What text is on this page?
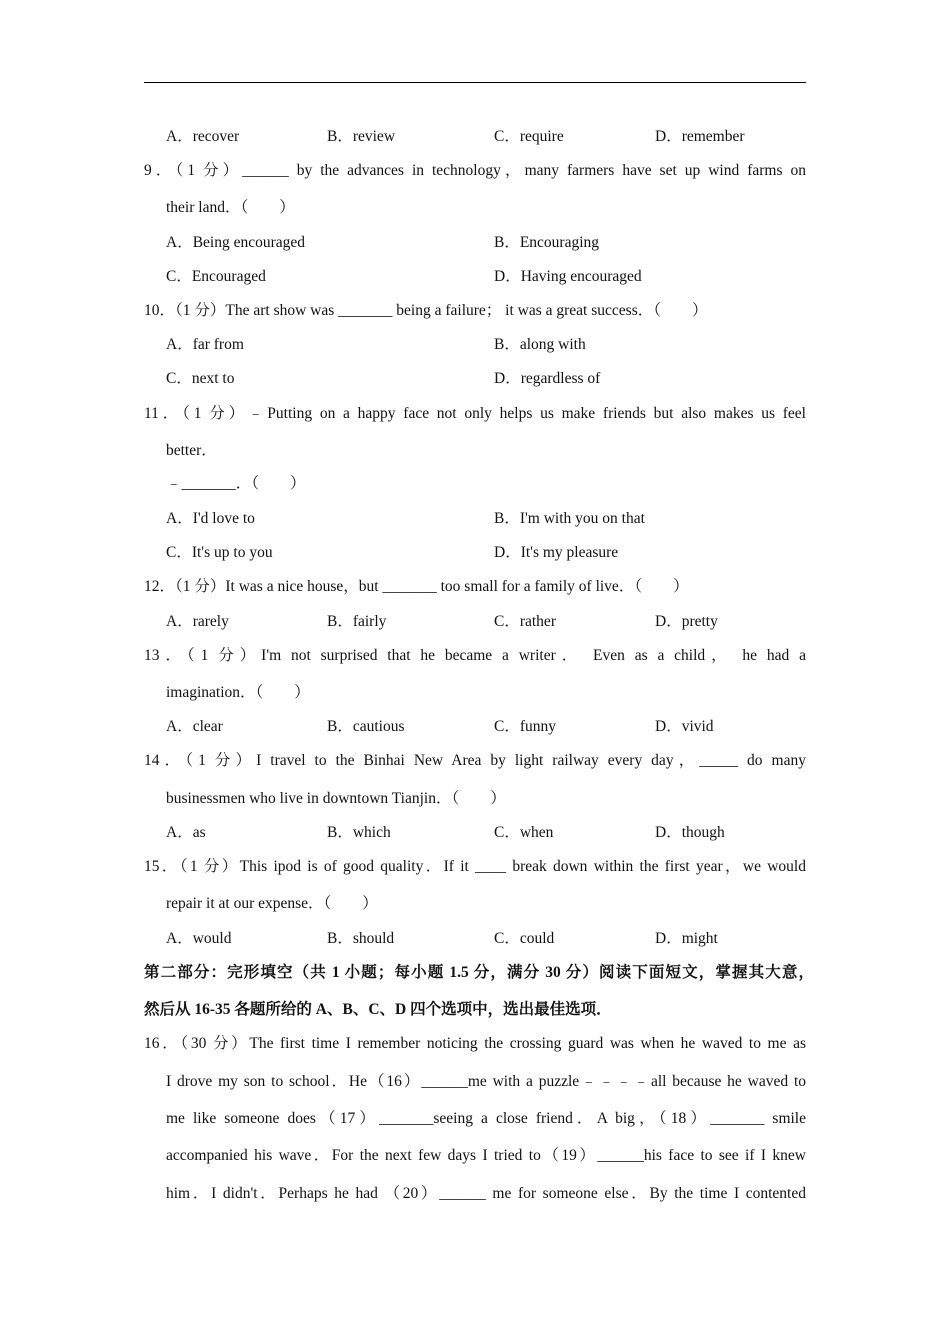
A．recover	B．review	C．require	D．remember
9．（1 分）______ by the advances in technology，many farmers have set up wind farms on
their land．（　　）
A．Being encouraged	B．Encouraging
C．Encouraged	D．Having encouraged
10．（1 分）The art show was _______ being a failure； it was a great success．（　　）
A．far from	B．along with
C．next to	D．regardless of
11．（1 分）﹣Putting on a happy face not only helps us make friends but also makes us feel
better．
﹣_______．（　　）
A．I'd love to	B．I'm with you on that
C．It's up to you	D．It's my pleasure
12．（1 分）It was a nice house，but _______ too small for a family of live．（　　）
A．rarely	B．fairly	C．rather	D．pretty
13．（1 分）I'm not surprised that he became a writer． Even as a child， he had a
imagination．（　　）
A．clear	B．cautious	C．funny	D．vivid
14．（1 分）I travel to the Binhai New Area by light railway every day，_____ do many
businessmen who live in downtown Tianjin．（　　）
A．as	B．which	C．when	D．though
15．（1 分）This ipod is of good quality．If it ____ break down within the first year，we would
repair it at our expense．（　　）
A．would	B．should	C．could	D．might
第二部分：完形填空（共 1 小题；每小题 1.5 分，满分 30 分）阅读下面短文，掌握其大意，
然后从 16-35 各题所给的 A、B、C、D 四个选项中，选出最佳选项．
16．（30 分）The first time I remember noticing the crossing guard was when he waved to me as
I drove my son to school．He（16）______me with a puzzle﹣﹣﹣﹣all because he waved to
me like someone does（17）_______seeing a close friend．A big，（18）_______ smile
accompanied his wave．For the next few days I tried to（19）______his face to see if I knew
him．I didn't．Perhaps he had （20）______ me for someone else．By the time I contented
